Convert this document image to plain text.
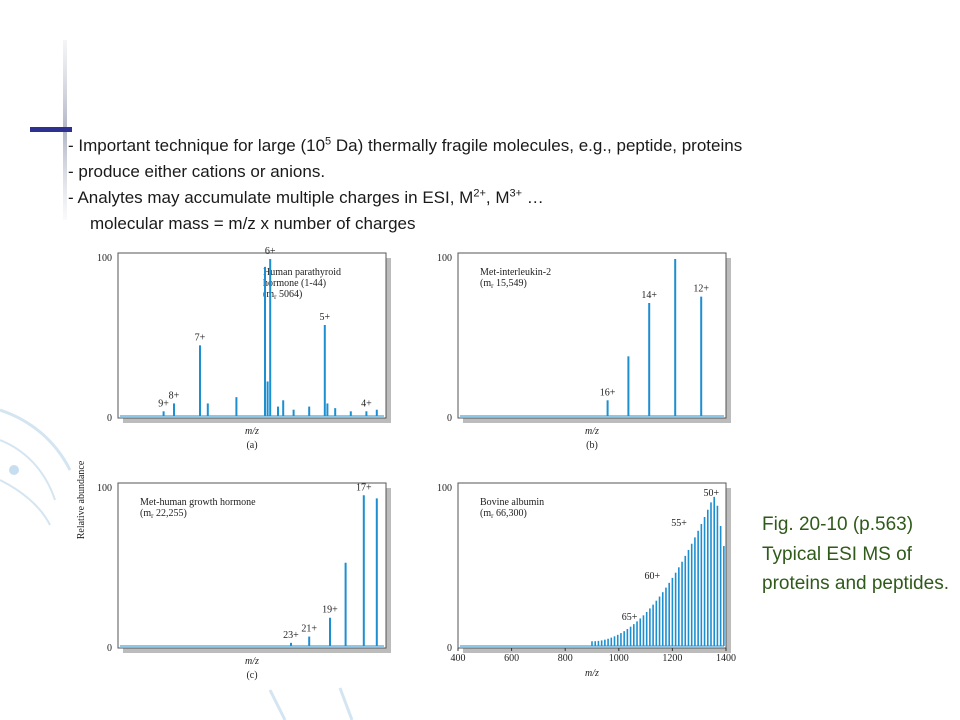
- Important technique for large ($10^5$ Da) thermally fragile molecules, e.g., peptide, proteins
- produce either cations or anions.
- Analytes may accumulate multiple charges in ESI, $M^{2+}$, $M^{3+}$ …
molecular mass = m/z x number of charges
Relative abundance
100
0
Human parathyroid
hormone (1-44)
($m_r$ 5064)
m/z
(a)
9+
8+
7+
6+
5+
4+
100
0
Met-interleukin-2
($m_r$ 15,549)
m/z
(b)
16+
14+
12+
100
0
Met-human growth hormone
($m_r$ 22,255)
m/z
(c)
23+
21+
19+
17+	100
0
Bovine albumin
($m_r$ 66,300)
m/z
65+
60+
55+
50+
400	600	800	1000	1200	1400
Fig. 20-10 (p.563) Typical ESI MS of proteins and peptides.
